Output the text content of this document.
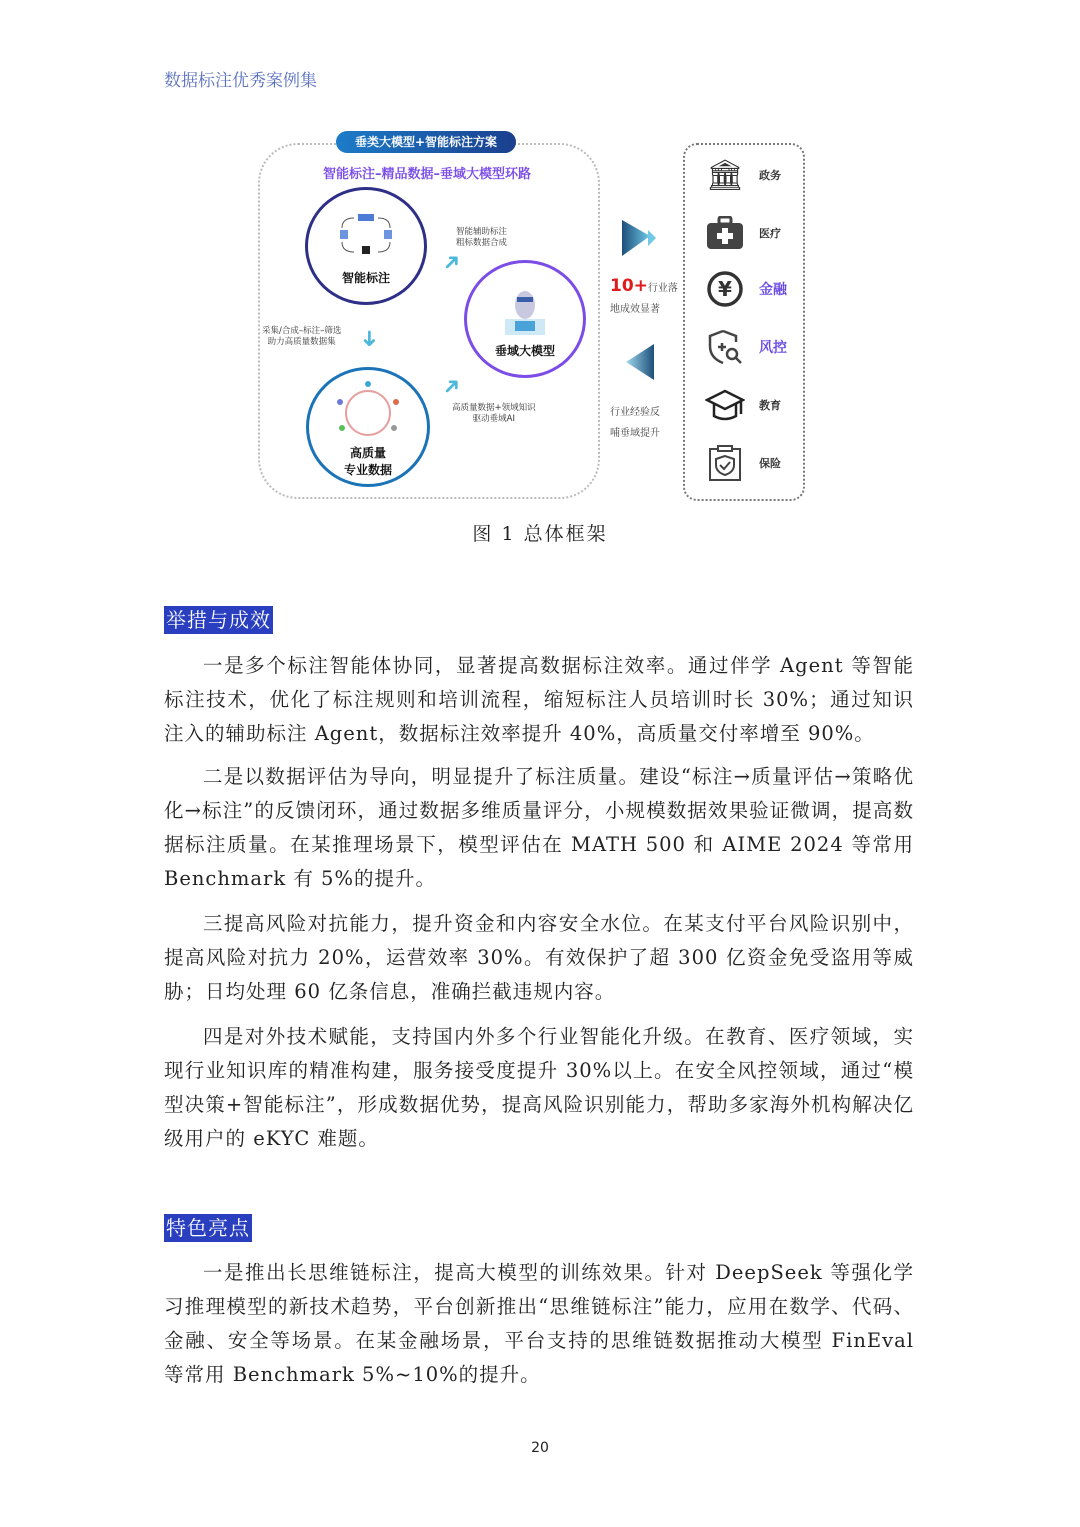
数据标注优秀案例集
垂类大模型+智能标注方案
智能标注–精品数据–垂域大模型环路
智能标注
垂域大模型
高质量
专业数据
智能辅助标注
粗标数据合成
➜
采集/合成–标注–筛选
助力高质量数据集 ➜
➜
高质量数据+领域知识
驱动垂域AI
10+行业落
地成效显著
行业经验反
哺垂域提升
🏛 政务
医疗
¥ 金融
风控
教育
保险
图 1 总体框架
举措与成效
一是多个标注智能体协同，显著提高数据标注效率。通过伴学 Agent 等智能标注技术，优化了标注规则和培训流程，缩短标注人员培训时长 30%；通过知识注入的辅助标注 Agent，数据标注效率提升 40%，高质量交付率增至 90%。
二是以数据评估为导向，明显提升了标注质量。建设“标注→质量评估→策略优化→标注”的反馈闭环，通过数据多维质量评分，小规模数据效果验证微调，提高数据标注质量。在某推理场景下，模型评估在 MATH 500 和 AIME 2024 等常用 Benchmark 有 5%的提升。
三提高风险对抗能力，提升资金和内容安全水位。在某支付平台风险识别中，提高风险对抗力 20%，运营效率 30%。有效保护了超 300 亿资金免受盗用等威胁；日均处理 60 亿条信息，准确拦截违规内容。
四是对外技术赋能，支持国内外多个行业智能化升级。在教育、医疗领域，实现行业知识库的精准构建，服务接受度提升 30%以上。在安全风控领域，通过“模型决策+智能标注”，形成数据优势，提高风险识别能力，帮助多家海外机构解决亿级用户的 eKYC 难题。
特色亮点
一是推出长思维链标注，提高大模型的训练效果。针对 DeepSeek 等强化学习推理模型的新技术趋势，平台创新推出“思维链标注”能力，应用在数学、代码、金融、安全等场景。在某金融场景，平台支持的思维链数据推动大模型 FinEval 等常用 Benchmark 5%~10%的提升。
20
